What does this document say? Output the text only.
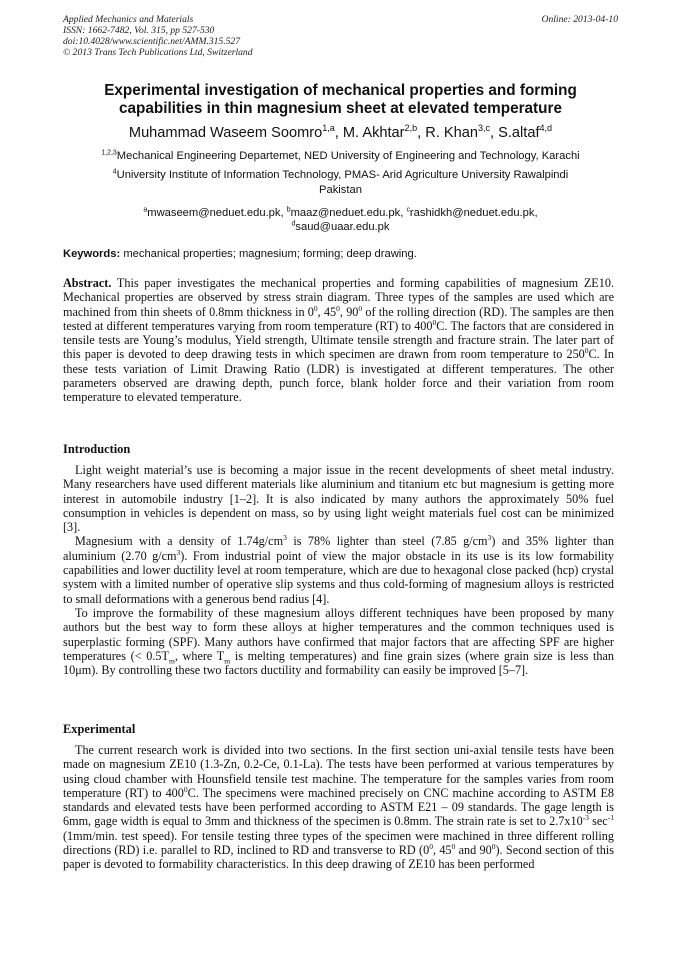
Applied Mechanics and Materials
ISSN: 1662-7482, Vol. 315, pp 527-530
doi:10.4028/www.scientific.net/AMM.315.527
© 2013 Trans Tech Publications Ltd, Switzerland
Online: 2013-04-10
Experimental investigation of mechanical properties and forming
capabilities in thin magnesium sheet at elevated temperature
Muhammad Waseem Soomro$^{1,a}$, M. Akhtar$^{2,b}$, R. Khan$^{3,c}$, S.altaf$^{4,d}$
$^{1,2,3}$Mechanical Engineering Departemet, NED University of Engineering and Technology, Karachi
$^4$University Institute of Information Technology, PMAS- Arid Agriculture University Rawalpindi
Pakistan
$^a$mwaseem@neduet.edu.pk, $^b$maaz@neduet.edu.pk, $^c$rashidkh@neduet.edu.pk,
$^d$saud@uaar.edu.pk
Keywords: mechanical properties; magnesium; forming; deep drawing.

Abstract. This paper investigates the mechanical properties and forming capabilities of magnesium ZE10. Mechanical properties are observed by stress strain diagram. Three types of the samples are used which are machined from thin sheets of 0.8mm thickness in $0^0$, $45^0$, $90^0$ of the rolling direction (RD). The samples are then tested at different temperatures varying from room temperature (RT) to $400^0C$. The factors that are considered in tensile tests are Young’s modulus, Yield strength, Ultimate tensile strength and fracture strain. The later part of this paper is devoted to deep drawing tests in which specimen are drawn from room temperature to $250^0C$. In these tests variation of Limit Drawing Ratio (LDR) is investigated at different temperatures. The other parameters observed are drawing depth, punch force, blank holder force and their variation from room temperature to elevated temperature.

Introduction

Light weight material’s use is becoming a major issue in the recent developments of sheet metal industry. Many researchers have used different materials like aluminium and titanium etc but magnesium is getting more interest in automobile industry [1–2]. It is also indicated by many authors the approximately 50% fuel consumption in vehicles is dependent on mass, so by using light weight materials fuel cost can be minimized [3].

Magnesium with a density of $1.74g/cm^3$ is 78% lighter than steel (7.85 $g/cm^3$) and 35% lighter than aluminium (2.70 $g/cm^3$). From industrial point of view the major obstacle in its use is its low formability capabilities and lower ductility level at room temperature, which are due to hexagonal close packed (hcp) crystal system with a limited number of operative slip systems and thus cold-forming of magnesium alloys is restricted to small deformations with a generous bend radius [4].

To improve the formability of these magnesium alloys different techniques have been proposed by many authors but the best way to form these alloys at higher temperatures and the common techniques used is superplastic forming (SPF). Many authors have confirmed that major factors that are affecting SPF are higher temperatures (< $0.5T_m$, where $T_m$ is melting temperatures) and fine grain sizes (where grain size is less than 10μm). By controlling these two factors ductility and formability can easily be improved [5–7].

Experimental

The current research work is divided into two sections. In the first section uni-axial tensile tests have been made on magnesium ZE10 (1.3-Zn, 0.2-Ce, 0.1-La). The tests have been performed at various temperatures by using cloud chamber with Hounsfield tensile test machine. The temperature for the samples varies from room temperature (RT) to $400^0C$. The specimens were machined precisely on CNC machine according to ASTM E8 standards and elevated tests have been performed according to ASTM E21 – 09 standards. The gage length is 6mm, gage width is equal to 3mm and thickness of the specimen is 0.8mm. The strain rate is set to $2.7x10^{-3}$ $\sec^{-1} (1mm/\min$. test speed). For tensile testing three types of the specimen were machined in three different rolling directions (RD) i.e. parallel to RD, inclined to RD and transverse to RD ($0^0$, $45^0$ and $90^0$). Second section of this paper is devoted to formability characteristics. In this deep drawing of ZE10 has been performed
